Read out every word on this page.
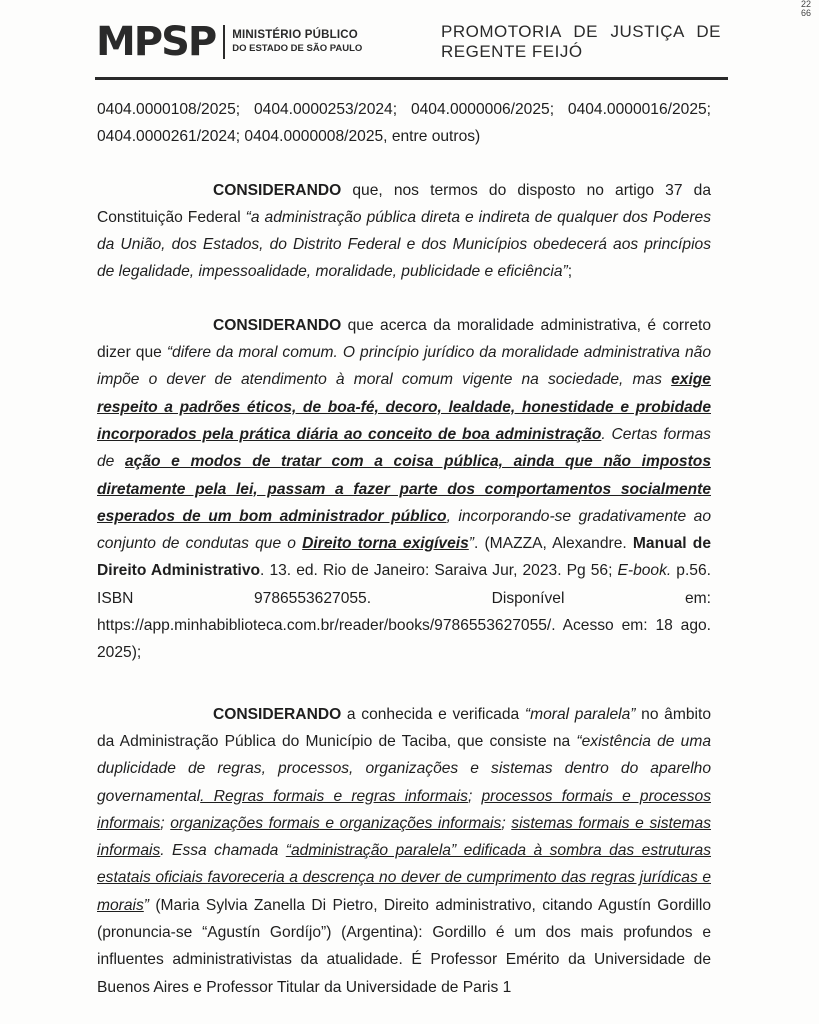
22
66
MPSP MINISTÉRIO PÚBLICO
DO ESTADO DE SÃO PAULO
PROMOTORIA DE JUSTIÇA DE REGENTE FEIJÓ

0404.0000108/2025; 0404.0000253/2024; 0404.0000006/2025; 0404.0000016/2025; 0404.0000261/2024; 0404.0000008/2025, entre outros)

CONSIDERANDO que, nos termos do disposto no artigo 37 da Constituição Federal “a administração pública direta e indireta de qualquer dos Poderes da União, dos Estados, do Distrito Federal e dos Municípios obedecerá aos princípios de legalidade, impessoalidade, moralidade, publicidade e eficiência”;

CONSIDERANDO que acerca da moralidade administrativa, é correto dizer que “difere da moral comum. O princípio jurídico da moralidade administrativa não impõe o dever de atendimento à moral comum vigente na sociedade, mas exige respeito a padrões éticos, de boa-fé, decoro, lealdade, honestidade e probidade incorporados pela prática diária ao conceito de boa administração. Certas formas de ação e modos de tratar com a coisa pública, ainda que não impostos diretamente pela lei, passam a fazer parte dos comportamentos socialmente esperados de um bom administrador público, incorporando-se gradativamente ao conjunto de condutas que o Direito torna exigíveis”. (MAZZA, Alexandre. Manual de Direito Administrativo. 13. ed. Rio de Janeiro: Saraiva Jur, 2023. Pg 56; E-book. p.56. ISBN 9786553627055. Disponível em: https://app.minhabiblioteca.com.br/reader/books/9786553627055/. Acesso em: 18 ago. 2025);

CONSIDERANDO a conhecida e verificada “moral paralela” no âmbito da Administração Pública do Município de Taciba, que consiste na “existência de uma duplicidade de regras, processos, organizações e sistemas dentro do aparelho governamental. Regras formais e regras informais; processos formais e processos informais; organizações formais e organizações informais; sistemas formais e sistemas informais. Essa chamada “administração paralela” edificada à sombra das estruturas estatais oficiais favoreceria a descrença no dever de cumprimento das regras jurídicas e morais” (Maria Sylvia Zanella Di Pietro, Direito administrativo, citando Agustín Gordillo (pronuncia-se “Agustín Gordíjo”) (Argentina): Gordillo é um dos mais profundos e influentes administrativistas da atualidade. É Professor Emérito da Universidade de Buenos Aires e Professor Titular da Universidade de Paris 1
